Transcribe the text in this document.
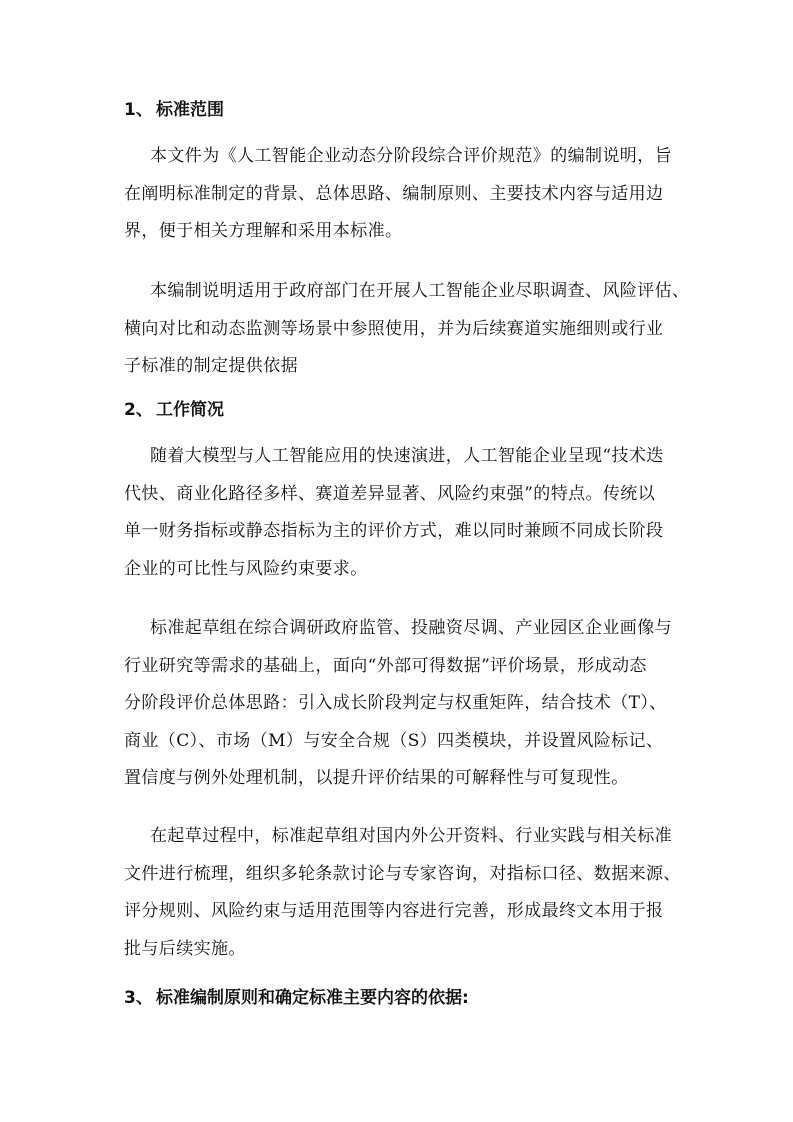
1、 标准范围
本文件为《人工智能企业动态分阶段综合评价规范》的编制说明，旨
在阐明标准制定的背景、总体思路、编制原则、主要技术内容与适用边
界，便于相关方理解和采用本标准。
本编制说明适用于政府部门在开展人工智能企业尽职调查、风险评估、
横向对比和动态监测等场景中参照使用，并为后续赛道实施细则或行业
子标准的制定提供依据
2、 工作简况
随着大模型与人工智能应用的快速演进，人工智能企业呈现“技术迭
代快、商业化路径多样、赛道差异显著、风险约束强”的特点。传统以
单一财务指标或静态指标为主的评价方式，难以同时兼顾不同成长阶段
企业的可比性与风险约束要求。
标准起草组在综合调研政府监管、投融资尽调、产业园区企业画像与
行业研究等需求的基础上，面向“外部可得数据”评价场景，形成动态
分阶段评价总体思路：引入成长阶段判定与权重矩阵，结合技术（T）、
商业（C）、市场（M）与安全合规（S）四类模块，并设置风险标记、
置信度与例外处理机制，以提升评价结果的可解释性与可复现性。
在起草过程中，标准起草组对国内外公开资料、行业实践与相关标准
文件进行梳理，组织多轮条款讨论与专家咨询，对指标口径、数据来源、
评分规则、风险约束与适用范围等内容进行完善，形成最终文本用于报
批与后续实施。
3、 标准编制原则和确定标准主要内容的依据:
